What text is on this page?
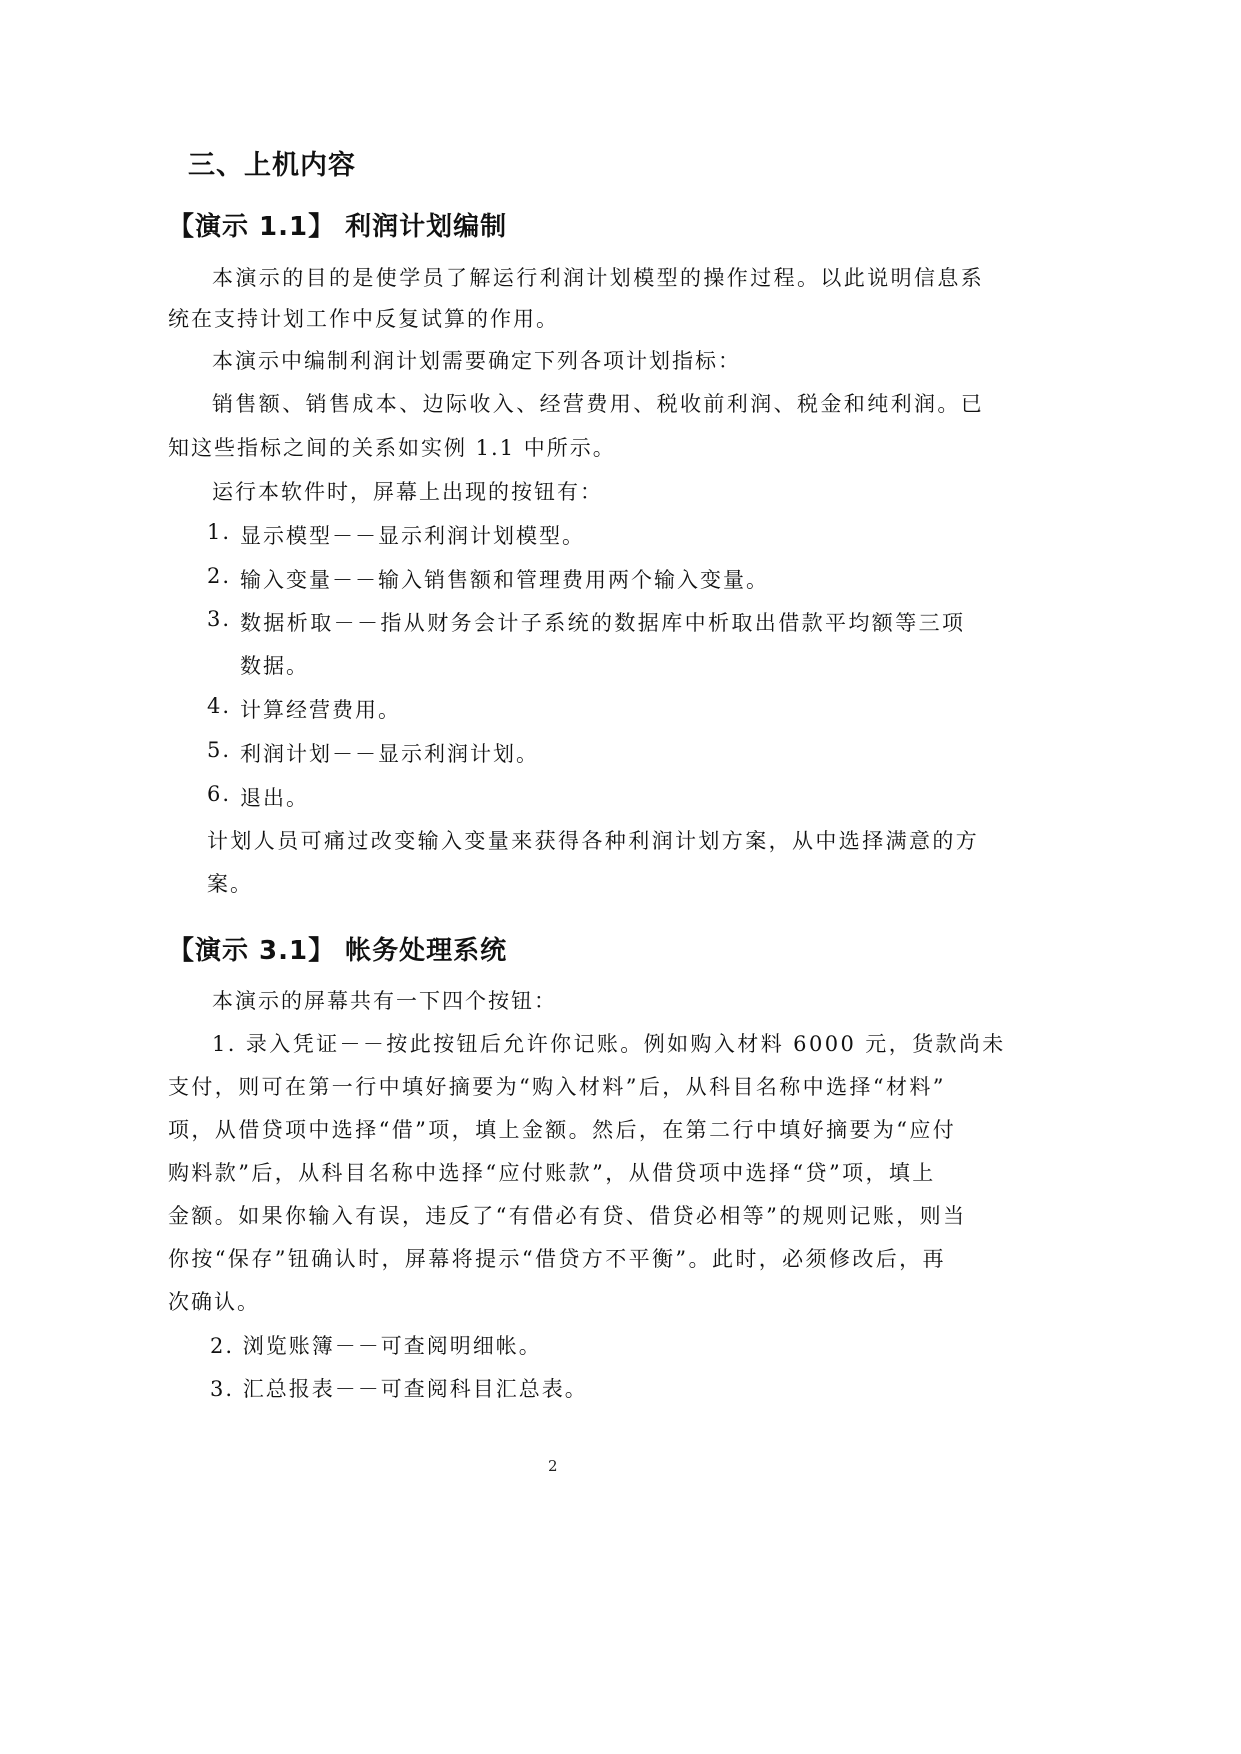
三、上机内容
【演示 1.1】 利润计划编制
本演示的目的是使学员了解运行利润计划模型的操作过程。以此说明信息系
统在支持计划工作中反复试算的作用。
本演示中编制利润计划需要确定下列各项计划指标：
销售额、销售成本、边际收入、经营费用、税收前利润、税金和纯利润。已
知这些指标之间的关系如实例 1.1 中所示。
运行本软件时，屏幕上出现的按钮有：
1. 显示模型－－显示利润计划模型。
2. 输入变量－－输入销售额和管理费用两个输入变量。
3. 数据析取－－指从财务会计子系统的数据库中析取出借款平均额等三项
数据。
4. 计算经营费用。
5. 利润计划－－显示利润计划。
6. 退出。
计划人员可痛过改变输入变量来获得各种利润计划方案，从中选择满意的方
案。
【演示 3.1】 帐务处理系统
本演示的屏幕共有一下四个按钮：
1. 录入凭证－－按此按钮后允许你记账。例如购入材料 6000 元，货款尚未
支付，则可在第一行中填好摘要为“购入材料”后，从科目名称中选择“材料”
项，从借贷项中选择“借”项，填上金额。然后，在第二行中填好摘要为“应付
购料款”后，从科目名称中选择“应付账款”，从借贷项中选择“贷”项，填上
金额。如果你输入有误，违反了“有借必有贷、借贷必相等”的规则记账，则当
你按“保存”钮确认时，屏幕将提示“借贷方不平衡”。此时，必须修改后，再
次确认。
2. 浏览账簿－－可查阅明细帐。
3. 汇总报表－－可查阅科目汇总表。
2
